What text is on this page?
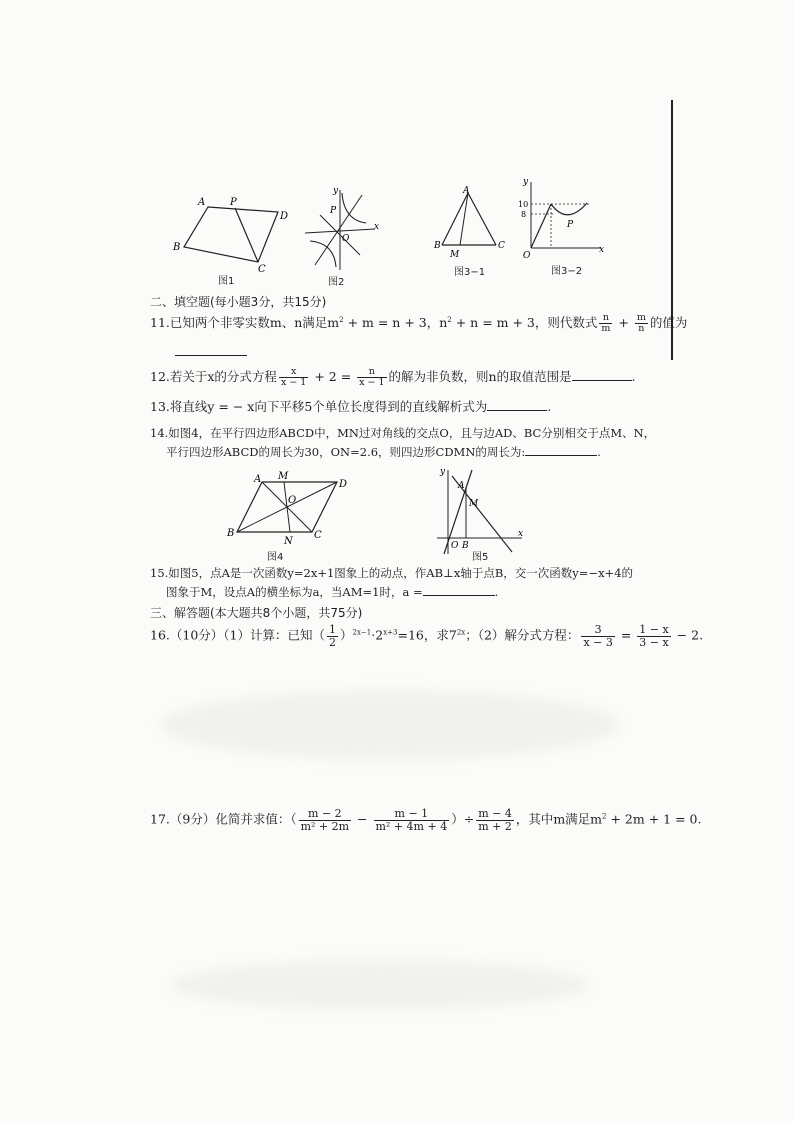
A P
D
B
C
图1
y
x
P
O
图2
A
B
M
C
图3−1
y
x
O
P
10
8
图3−2
二、填空题(每小题3分，共15分)
11.已知两个非零实数m、n满足$m^2 + m = n + 3$，$n^2 + n = m + 3$，则代数式 $\frac{n}{m} + \frac{m}{n}$ 的值为
12.若关于x的分式方程 $\frac{x}{x - 1} + 2 = \frac{n}{x - 1}$ 的解为非负数，则n的取值范围是	.
13.将直线y = − x向下平移5个单位长度得到的直线解析式为	.
14.如图4，在平行四边形ABCD中，MN过对角线的交点O，且与边AD、BC分别相交于点M、N，
平行四边形ABCD的周长为30，ON=2.6，则四边形CDMN的周长为:	.
A M
D
O
B
N
C
图4
y
A
M
O B
x
图5
15.如图5，点A是一次函数y=2x+1图象上的动点，作AB⊥x轴于点B，交一次函数y=−x+4的
图象于M，设点A的横坐标为a，当AM=1时，a =	.
三、解答题(本大题共8个小题，共75分)
16.（10分）（1）计算：已知（ $\frac{1}{2} )^{2x-1}\cdot 2^{x+3}=16$，求$7^{2x}$；（2）解分式方程： $\frac{3}{x - 3} = \frac{1 - x}{3 - x} - 2$.
17.（9分）化简并求值：（ $\frac{m - 2}{\text{m² + 2m}} - \frac{m - 1}{\text{m² + 4m + 4}}$ ）÷ $\frac{m - 4}{m + 2}$ ，其中m满足$m^2 + 2m + 1 = 0$.
